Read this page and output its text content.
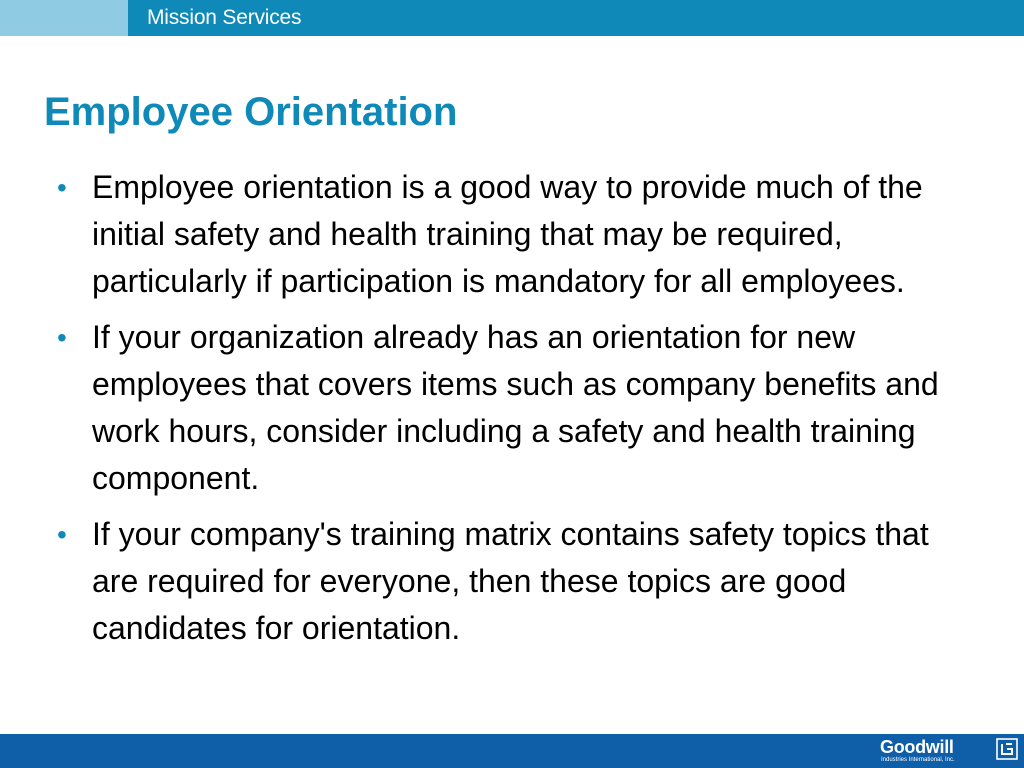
Mission Services
Employee Orientation
• Employee orientation is a good way to provide much of the initial safety and health training that may be required, particularly if participation is mandatory for all employees.
• If your organization already has an orientation for new employees that covers items such as company benefits and work hours, consider including a safety and health training component.
• If your company's training matrix contains safety topics that are required for everyone, then these topics are good candidates for orientation.
Goodwill
Industries International, Inc.
